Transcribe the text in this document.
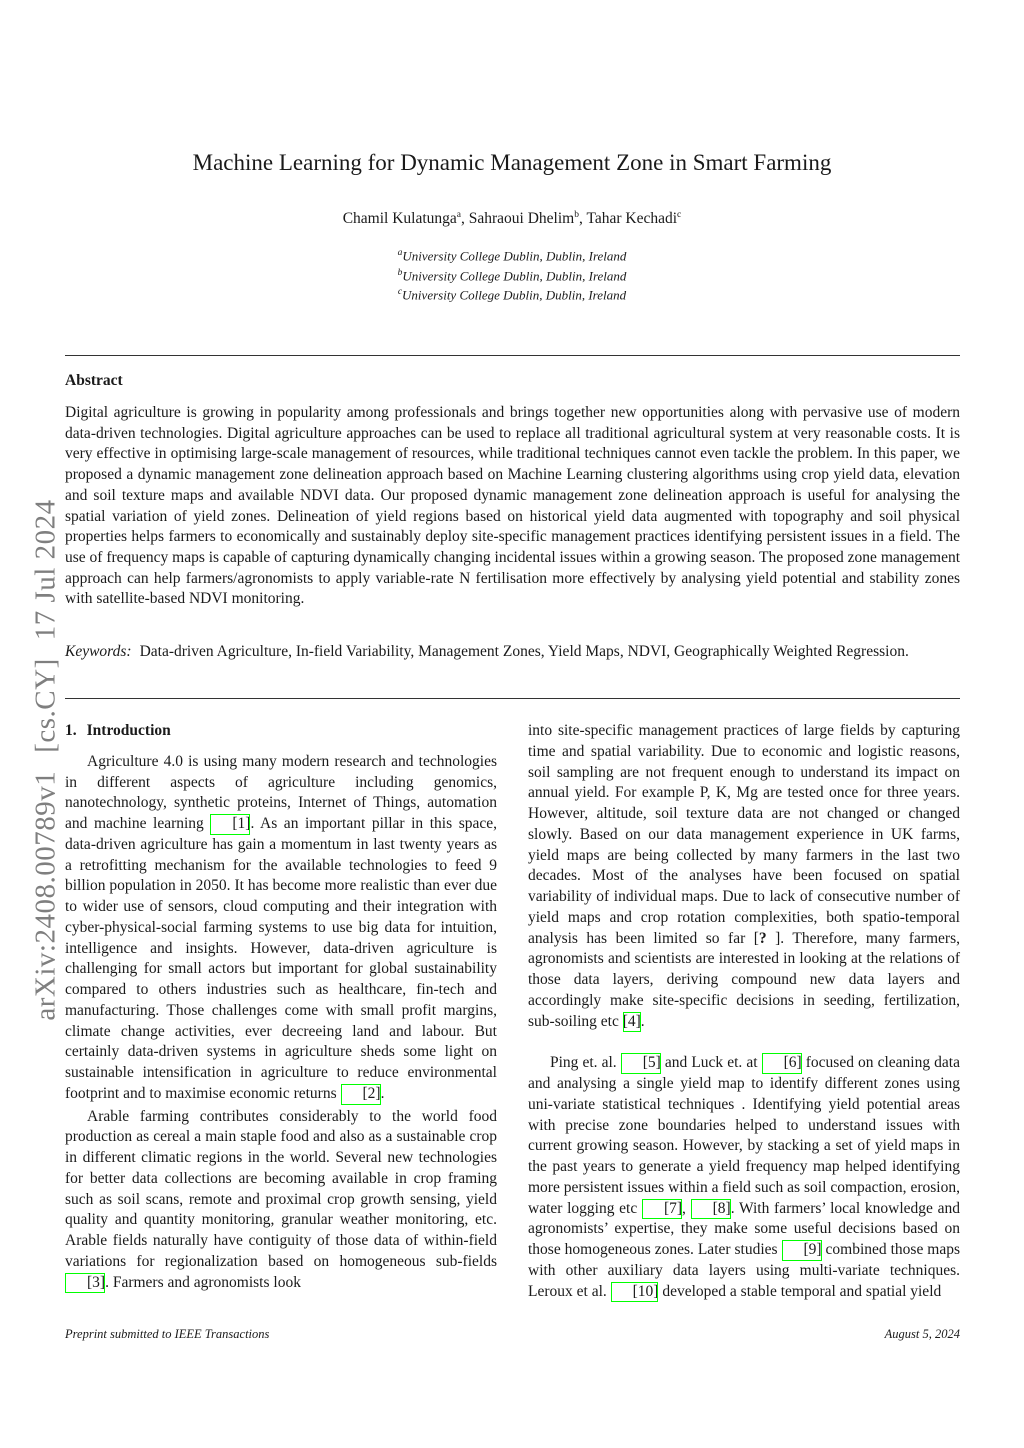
arXiv:2408.00789v1[cs.CY]17 Jul 2024
Machine Learning for Dynamic Management Zone in Smart Farming
Chamil Kulatunga$^a$, Sahraoui Dhelim$^b$, Tahar Kechadi$^c$
$^a$University College Dublin, Dublin, Ireland
$^b$University College Dublin, Dublin, Ireland
$^c$University College Dublin, Dublin, Ireland
Abstract
Digital agriculture is growing in popularity among professionals and brings together new opportunities along with pervasive use of modern data-driven technologies. Digital agriculture approaches can be used to replace all traditional agricultural system at very reasonable costs. It is very effective in optimising large-scale management of resources, while traditional techniques cannot even tackle the problem. In this paper, we proposed a dynamic management zone delineation approach based on Machine Learning clustering algorithms using crop yield data, elevation and soil texture maps and available NDVI data. Our proposed dynamic management zone delineation approach is useful for analysing the spatial variation of yield zones. Delineation of yield regions based on historical yield data augmented with topography and soil physical properties helps farmers to economically and sustainably deploy site-specific management practices identifying persistent issues in a field. The use of frequency maps is capable of capturing dynamically changing incidental issues within a growing season. The proposed zone management approach can help farmers/agronomists to apply variable-rate N fertilisation more effectively by analysing yield potential and stability zones with satellite-based NDVI monitoring.
Keywords: Data-driven Agriculture, In-field Variability, Management Zones, Yield Maps, NDVI, Geographically Weighted Regression.
1. Introduction

Agriculture 4.0 is using many modern research and technologies in different aspects of agriculture including genomics, nanotechnology, synthetic proteins, Internet of Things, automation and machine learning [1]. As an important pillar in this space, data-driven agriculture has gain a momentum in last twenty years as a retrofitting mechanism for the available technologies to feed 9 billion population in 2050. It has become more realistic than ever due to wider use of sensors, cloud computing and their integration with cyber-physical-social farming systems to use big data for intuition, intelligence and insights. However, data-driven agriculture is challenging for small actors but important for global sustainability compared to others industries such as healthcare, fin-tech and manufacturing. Those challenges come with small profit margins, climate change activities, ever decreeing land and labour. But certainly data-driven systems in agriculture sheds some light on sustainable intensification in agriculture to reduce environmental footprint and to maximise economic returns [2].

Arable farming contributes considerably to the world food production as cereal a main staple food and also as a sustainable crop in different climatic regions in the world. Several new technologies for better data collections are becoming available in crop framing such as soil scans, remote and proximal crop growth sensing, yield quality and quantity monitoring, granular weather monitoring, etc. Arable fields naturally have contiguity of those data of within-field variations for regionalization based on homogeneous sub-fields [3]. Farmers and agronomists look

into site-specific management practices of large fields by capturing time and spatial variability. Due to economic and logistic reasons, soil sampling are not frequent enough to understand its impact on annual yield. For example P, K, Mg are tested once for three years. However, altitude, soil texture data are not changed or changed slowly. Based on our data management experience in UK farms, yield maps are being collected by many farmers in the last two decades. Most of the analyses have been focused on spatial variability of individual maps. Due to lack of consecutive number of yield maps and crop rotation complexities, both spatio-temporal analysis has been limited so far [? ]. Therefore, many farmers, agronomists and scientists are interested in looking at the relations of those data layers, deriving compound new data layers and accordingly make site-specific decisions in seeding, fertilization, sub-soiling etc [4].

Ping et. al. [5] and Luck et. at [6] focused on cleaning data and analysing a single yield map to identify different zones using uni-variate statistical techniques . Identifying yield potential areas with precise zone boundaries helped to understand issues with current growing season. However, by stacking a set of yield maps in the past years to generate a yield frequency map helped identifying more persistent issues within a field such as soil compaction, erosion, water logging etc [7], [8]. With farmers’ local knowledge and agronomists’ expertise, they make some useful decisions based on those homogeneous zones. Later studies [9] combined those maps with other auxiliary data layers using multi-variate techniques. Leroux et al. [10] developed a stable temporal and spatial yield

Preprint submitted to IEEE Transactions	August 5, 2024
